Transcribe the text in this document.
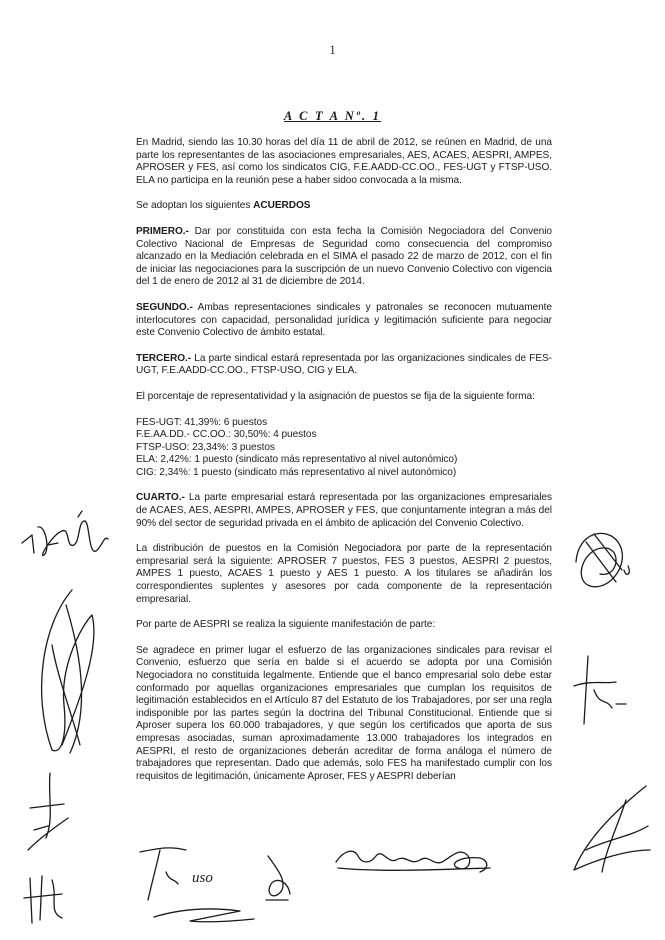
1
A C T A Nº. 1

En Madrid, siendo las 10.30 horas del día 11 de abril de 2012, se reúnen en Madrid, de una parte los representantes de las asociaciones empresariales, AES, ACAES, AESPRI, AMPES, APROSER y FES, así como los sindicatos CIG, F.E.AADD-CC.OO., FES-UGT y FTSP-USO. ELA no participa en la reunión pese a haber sidoo convocada a la misma.

Se adoptan los siguientes ACUERDOS

PRIMERO.- Dar por constituida con esta fecha la Comisión Negociadora del Convenio Colectivo Nacional de Empresas de Seguridad como consecuencia del compromiso alcanzado en la Mediación celebrada en el SIMA el pasado 22 de marzo de 2012, con el fin de iniciar las negociaciones para la suscripción de un nuevo Convenio Colectivo con vigencia del 1 de enero de 2012 al 31 de diciembre de 2014.

SEGUNDO.- Ambas representaciones sindicales y patronales se reconocen mutuamente interlocutores con capacidad, personalidad jurídica y legitimación suficiente para negociar este Convenio Colectivo de ámbito estatal.

TERCERO.- La parte sindical estará representada por las organizaciones sindicales de FES-UGT, F.E.AADD-CC.OO., FTSP-USO, CIG y ELA.

El porcentaje de representatividad y la asignación de puestos se fija de la siguiente forma:

FES-UGT: 41,39%: 6 puestos
F.E.AA.DD.- CC.OO.: 30,50%: 4 puestos
FTSP-USO: 23,34%: 3 puestos
ELA: 2,42%: 1 puesto (sindicato más representativo al nivel autonómico)
CIG: 2,34%: 1 puesto (sindicato más representativo al nivel autonómico)

CUARTO.- La parte empresarial estará representada por las organizaciones empresariales de ACAES, AES, AESPRI, AMPES, APROSER y FES, que conjuntamente integran a más del 90% del sector de seguridad privada en el ámbito de aplicación del Convenio Colectivo.

La distribución de puestos en la Comisión Negociadora por parte de la representación empresarial será la siguiente: APROSER 7 puestos, FES 3 puestos, AESPRI 2 puestos, AMPES 1 puesto, ACAES 1 puesto y AES 1 puesto. A los titulares se añadirán los correspondientes suplentes y asesores por cada componente de la representación empresarial.

Por parte de AESPRI se realiza la siguiente manifestación de parte:

Se agradece en primer lugar el esfuerzo de las organizaciones sindicales para revisar el Convenio, esfuerzo que sería en balde si el acuerdo se adopta por una Comisión Negociadora no constituida legalmente. Entiende que el banco empresarial solo debe estar conformado por aquellas organizaciones empresariales que cumplan los requisitos de legitimación establecidos en el Artículo 87 del Estatuto de los Trabajadores, por ser una regla indisponible por las partes según la doctrina del Tribunal Constitucional. Entiende que si Aproser supera los 60.000 trabajadores, y que según los certificados que aporta de sus empresas asociadas, suman aproximadamente 13.000 trabajadores los integrados en AESPRI, el resto de organizaciones deberán acreditar de forma análoga el número de trabajadores que representan. Dado que además, solo FES ha manifestado cumplir con los requisitos de legitimación, únicamente Aproser, FES y AESPRI deberían

uso
